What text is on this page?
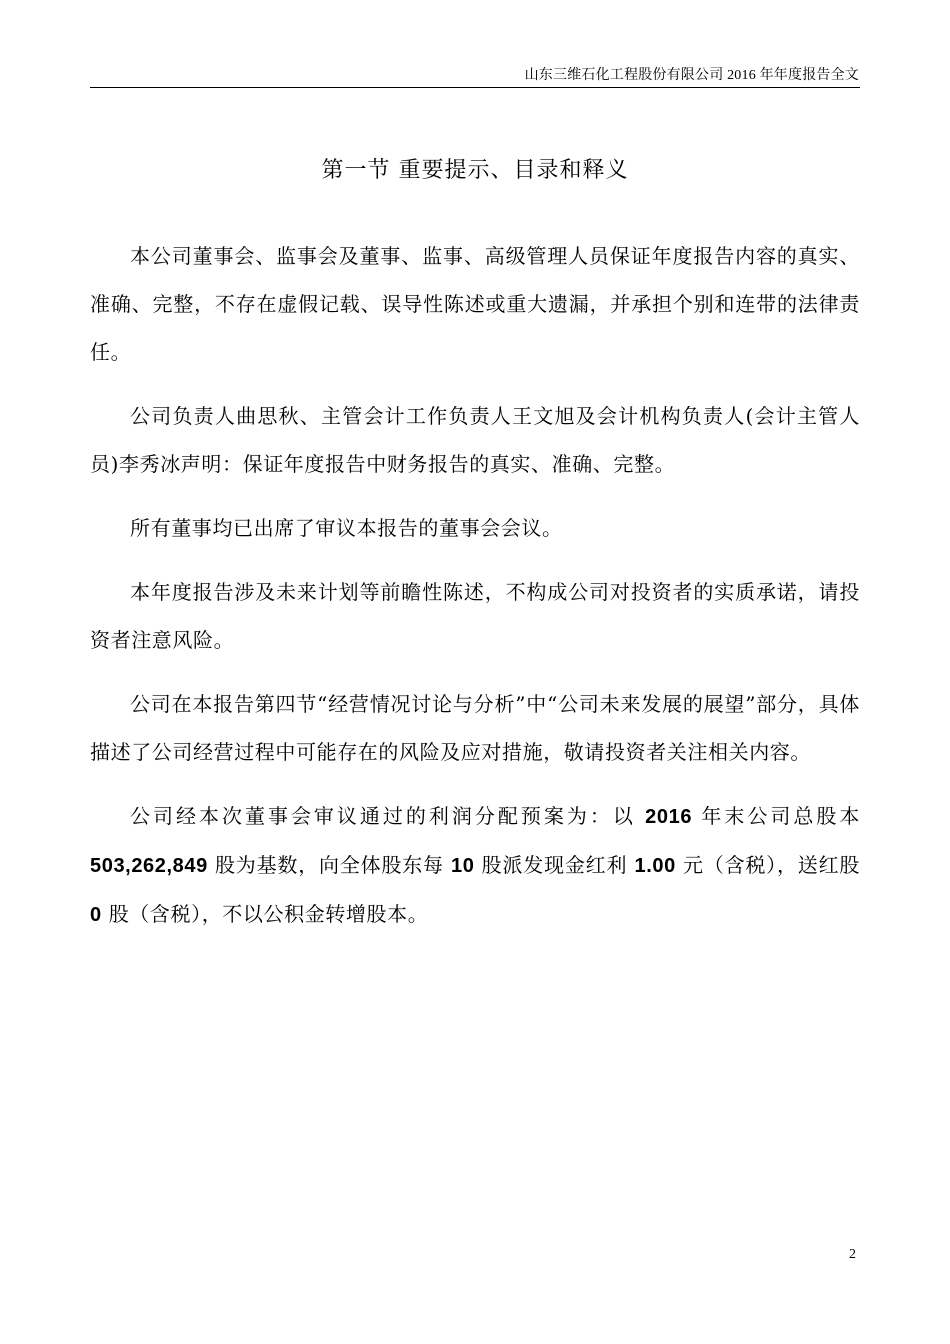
山东三维石化工程股份有限公司 2016 年年度报告全文
第一节 重要提示、目录和释义

本公司董事会、监事会及董事、监事、高级管理人员保证年度报告内容的真实、准确、完整，不存在虚假记载、误导性陈述或重大遗漏，并承担个别和连带的法律责任。

公司负责人曲思秋、主管会计工作负责人王文旭及会计机构负责人(会计主管人员)李秀冰声明：保证年度报告中财务报告的真实、准确、完整。

所有董事均已出席了审议本报告的董事会会议。

本年度报告涉及未来计划等前瞻性陈述，不构成公司对投资者的实质承诺，请投资者注意风险。

公司在本报告第四节“经营情况讨论与分析”中“公司未来发展的展望”部分，具体描述了公司经营过程中可能存在的风险及应对措施，敬请投资者关注相关内容。

公司经本次董事会审议通过的利润分配预案为：以 2016 年末公司总股本503,262,849 股为基数，向全体股东每 10 股派发现金红利 1.00 元（含税），送红股 0 股（含税），不以公积金转增股本。

2
